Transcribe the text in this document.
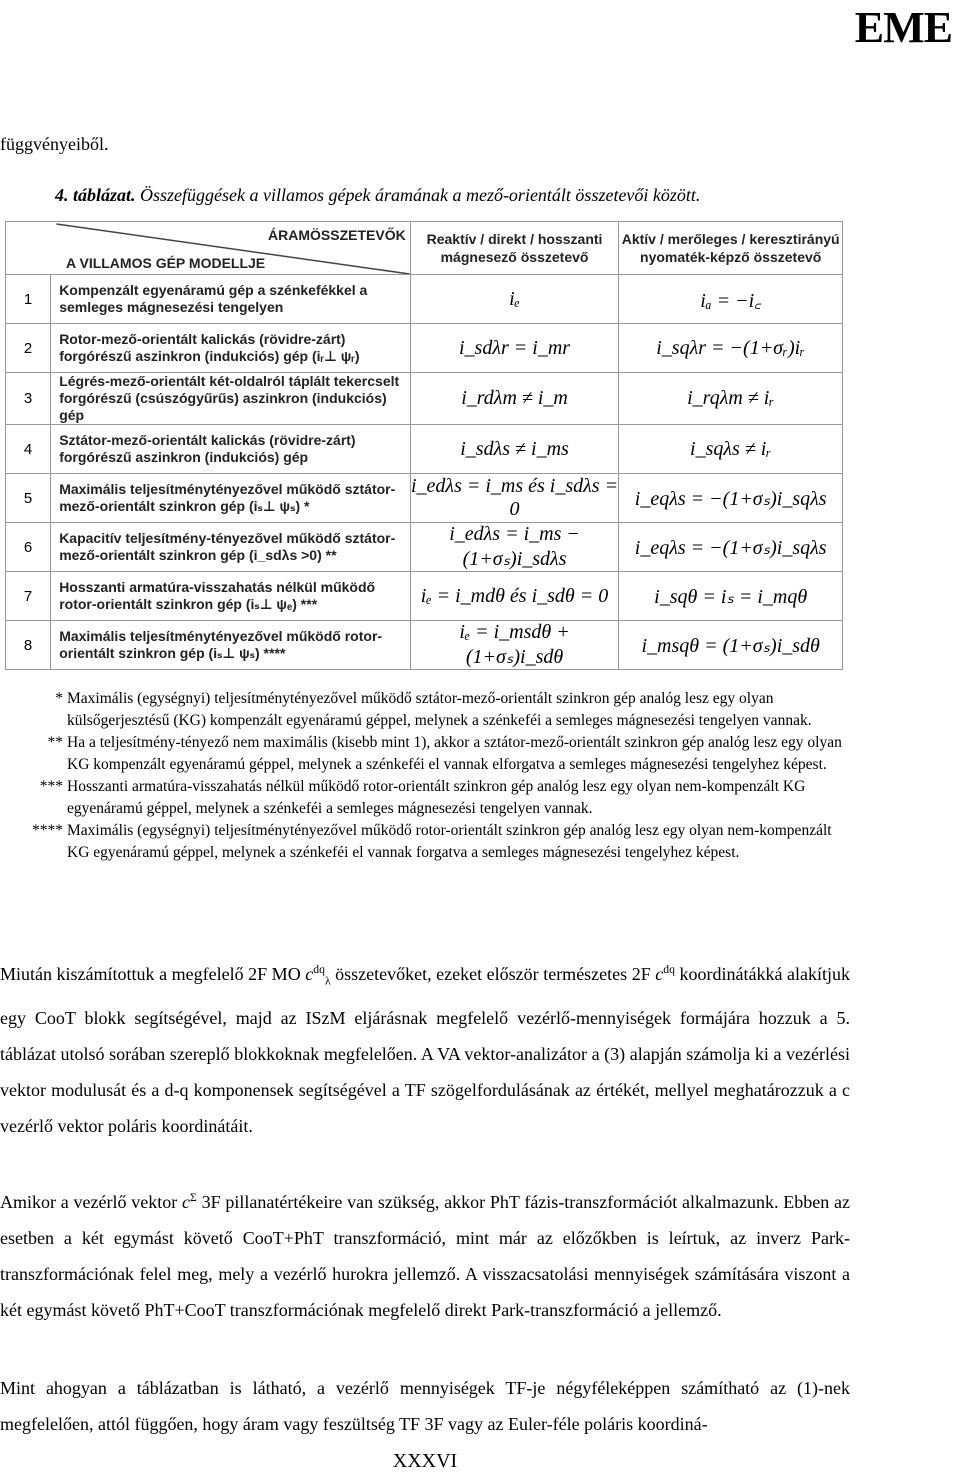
EME
függvényeiből.
4. táblázat. Összefüggések a villamos gépek áramának a mező-orientált összetevői között.
A VILLAMOS GÉP MODELLJE
ÁRAMÖSSZETEVŐK		Reaktív / direkt / hosszanti mágnesező összetevő	Aktív / merőleges / keresztirányú nyomaték-képző összetevő

1	Kompenzált egyenáramú gép a szénkefékkel a semleges mágnesezési tengelyen	iₑ	iₐ = −i꜀
2	Rotor-mező-orientált kalickás (rövidre-zárt) forgórészű aszinkron (indukciós) gép (iᵣ⊥ ψᵣ)	i_sdλr = i_mr	i_sqλr = −(1+σᵣ)iᵣ
3	Légrés-mező-orientált két-oldalról táplált tekercselt forgórészű (csúszógyűrűs) aszinkron (indukciós) gép	i_rdλm ≠ i_m	i_rqλm ≠ iᵣ
4	Sztátor-mező-orientált kalickás (rövidre-zárt) forgórészű aszinkron (indukciós) gép	i_sdλs ≠ i_ms	i_sqλs ≠ iᵣ
5	Maximális teljesítménytényezővel működő sztátor-mező-orientált szinkron gép (iₛ⊥ ψₛ) *	i_edλs = i_ms és i_sdλs = 0	i_eqλs = −(1+σₛ)i_sqλs
6	Kapacitív teljesítmény-tényezővel működő sztátor-mező-orientált szinkron gép (i_sdλs >0) **	i_edλs = i_ms − (1+σₛ)i_sdλs	i_eqλs = −(1+σₛ)i_sqλs
7	Hosszanti armatúra-visszahatás nélkül működő rotor-orientált szinkron gép (iₛ⊥ ψₑ) ***	iₑ = i_mdθ és i_sdθ = 0	i_sqθ = iₛ = i_mqθ
8	Maximális teljesítménytényezővel működő rotor-orientált szinkron gép (iₛ⊥ ψₛ) ****	iₑ = i_msdθ + (1+σₛ)i_sdθ	i_msqθ = (1+σₛ)i_sdθ
* Maximális (egységnyi) teljesítménytényezővel működő sztátor-mező-orientált szinkron gép analóg lesz egy olyan külsőgerjesztésű (KG) kompenzált egyenáramú géppel, melynek a szénkeféi a semleges mágnesezési tengelyen vannak.
** Ha a teljesítmény-tényező nem maximális (kisebb mint 1), akkor a sztátor-mező-orientált szinkron gép analóg lesz egy olyan KG kompenzált egyenáramú géppel, melynek a szénkeféi el vannak elforgatva a semleges mágnesezési tengelyhez képest.
*** Hosszanti armatúra-visszahatás nélkül működő rotor-orientált szinkron gép analóg lesz egy olyan nem-kompenzált KG egyenáramú géppel, melynek a szénkeféi a semleges mágnesezési tengelyen vannak.
**** Maximális (egységnyi) teljesítménytényezővel működő rotor-orientált szinkron gép analóg lesz egy olyan nem-kompenzált KG egyenáramú géppel, melynek a szénkeféi el vannak forgatva a semleges mágnesezési tengelyhez képest.
Miután kiszámítottuk a megfelelő 2F MO $c^{dq}_\lambda$ összetevőket, ezeket először természetes 2F $c^{dq}$ koordinátákká alakítjuk egy CooT blokk segítségével, majd az ISzM eljárásnak megfelelő vezérlő-mennyiségek formájára hozzuk a 5. táblázat utolsó sorában szereplő blokkoknak megfelelően. A VA vektor-analizátor a (3) alapján számolja ki a vezérlési vektor modulusát és a d-q komponensek segítségével a TF szögelfordulásának az értékét, mellyel meghatározzuk a c vezérlő vektor poláris koordinátáit.
Amikor a vezérlő vektor $c^\Sigma$ 3F pillanatértékeire van szükség, akkor PhT fázis-transzformációt alkalmazunk. Ebben az esetben a két egymást követő CooT+PhT transzformáció, mint már az előzőkben is leírtuk, az inverz Park-transzformációnak felel meg, mely a vezérlő hurokra jellemző. A visszacsatolási mennyiségek számítására viszont a két egymást követő PhT+CooT transzformációnak megfelelő direkt Park-transzformáció a jellemző.
Mint ahogyan a táblázatban is látható, a vezérlő mennyiségek TF-je négyféleképpen számítható az (1)-nek megfelelően, attól függően, hogy áram vagy feszültség TF 3F vagy az Euler-féle poláris koordiná-
XXXVI
